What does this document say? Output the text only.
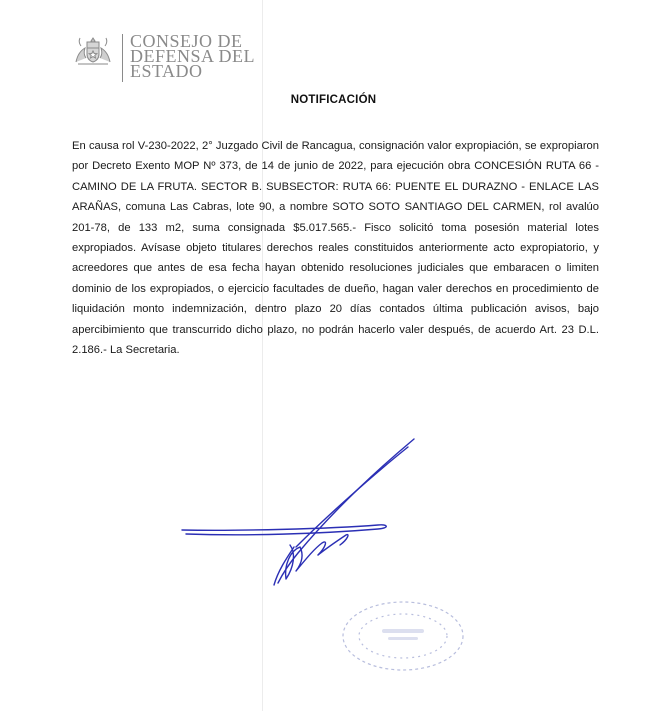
CONSEJO DE
DEFENSA DEL
ESTADO
NOTIFICACIÓN
En causa rol V-230-2022, 2° Juzgado Civil de Rancagua, consignación valor expropiación, se expropiaron por Decreto Exento MOP Nº 373, de 14 de junio de 2022, para ejecución obra CONCESIÓN RUTA 66 - CAMINO DE LA FRUTA. SECTOR B. SUBSECTOR: RUTA 66: PUENTE EL DURAZNO - ENLACE LAS ARAÑAS, comuna Las Cabras, lote 90, a nombre SOTO SOTO SANTIAGO DEL CARMEN, rol avalúo 201-78, de 133 m2, suma consignada $5.017.565.- Fisco solicitó toma posesión material lotes expropiados. Avísase objeto titulares derechos reales constituidos anteriormente acto expropiatorio, y acreedores que antes de esa fecha hayan obtenido resoluciones judiciales que embaracen o limiten dominio de los expropiados, o ejercicio facultades de dueño, hagan valer derechos en procedimiento de liquidación monto indemnización, dentro plazo 20 días contados última publicación avisos, bajo apercibimiento que transcurrido dicho plazo, no podrán hacerlo valer después, de acuerdo Art. 23 D.L. 2.186.- La Secretaria.
